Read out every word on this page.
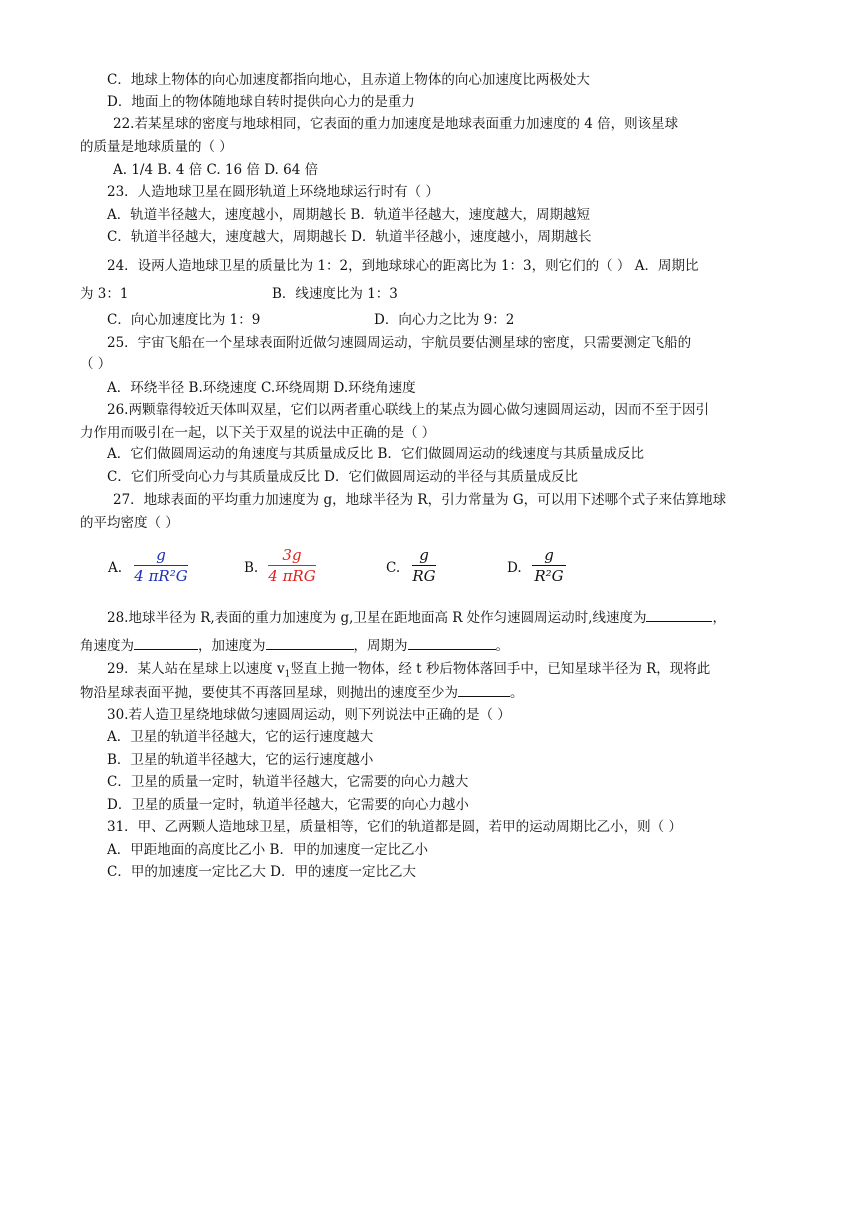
C．地球上物体的向心加速度都指向地心，且赤道上物体的向心加速度比两极处大
D．地面上的物体随地球自转时提供向心力的是重力
22.若某星球的密度与地球相同，它表面的重力加速度是地球表面重力加速度的 4 倍，则该星球
的质量是地球质量的（ ）
A. 1/4 B. 4 倍 C. 16 倍 D. 64 倍
23．人造地球卫星在圆形轨道上环绕地球运行时有（ ）
A．轨道半径越大，速度越小，周期越长 B．轨道半径越大，速度越大，周期越短
C．轨道半径越大，速度越大，周期越长 D．轨道半径越小，速度越小，周期越长
24．设两人造地球卫星的质量比为 1：2，到地球球心的距离比为 1：3，则它们的（ ） A．周期比
为 3：1	B．线速度比为 1：3
C．向心加速度比为 1：9	D．向心力之比为 9：2
25．宇宙飞船在一个星球表面附近做匀速圆周运动，宇航员要估测星球的密度，只需要测定飞船的
（ ）
A．环绕半径 B.环绕速度 C.环绕周期 D.环绕角速度
26.两颗靠得较近天体叫双星，它们以两者重心联线上的某点为圆心做匀速圆周运动，因而不至于因引
力作用而吸引在一起，以下关于双星的说法中正确的是（ ）
A．它们做圆周运动的角速度与其质量成反比 B．它们做圆周运动的线速度与其质量成反比
C．它们所受向心力与其质量成反比 D．它们做圆周运动的半径与其质量成反比
27．地球表面的平均重力加速度为 g，地球半径为 R，引力常量为 G，可以用下述哪个式子来估算地球
的平均密度（ ）
A.
g
4 πR²G	B.
3g
4 πRG	C.
g
RG	D.
g
R²G
28.地球半径为 R,表面的重力加速度为 g,卫星在距地面高 R 处作匀速圆周运动时,线速度为	，
角速度为	，加速度为	，周期为	。
29．某人站在星球上以速度 $v_1$竖直上抛一物体，经 t 秒后物体落回手中，已知星球半径为 R，现将此
物沿星球表面平抛，要使其不再落回星球，则抛出的速度至少为	。
30.若人造卫星绕地球做匀速圆周运动，则下列说法中正确的是（ ）
A．卫星的轨道半径越大，它的运行速度越大
B．卫星的轨道半径越大，它的运行速度越小
C．卫星的质量一定时，轨道半径越大，它需要的向心力越大
D．卫星的质量一定时，轨道半径越大，它需要的向心力越小
31．甲、乙两颗人造地球卫星，质量相等，它们的轨道都是圆，若甲的运动周期比乙小，则（ ）
A．甲距地面的高度比乙小 B．甲的加速度一定比乙小
C．甲的加速度一定比乙大 D．甲的速度一定比乙大
